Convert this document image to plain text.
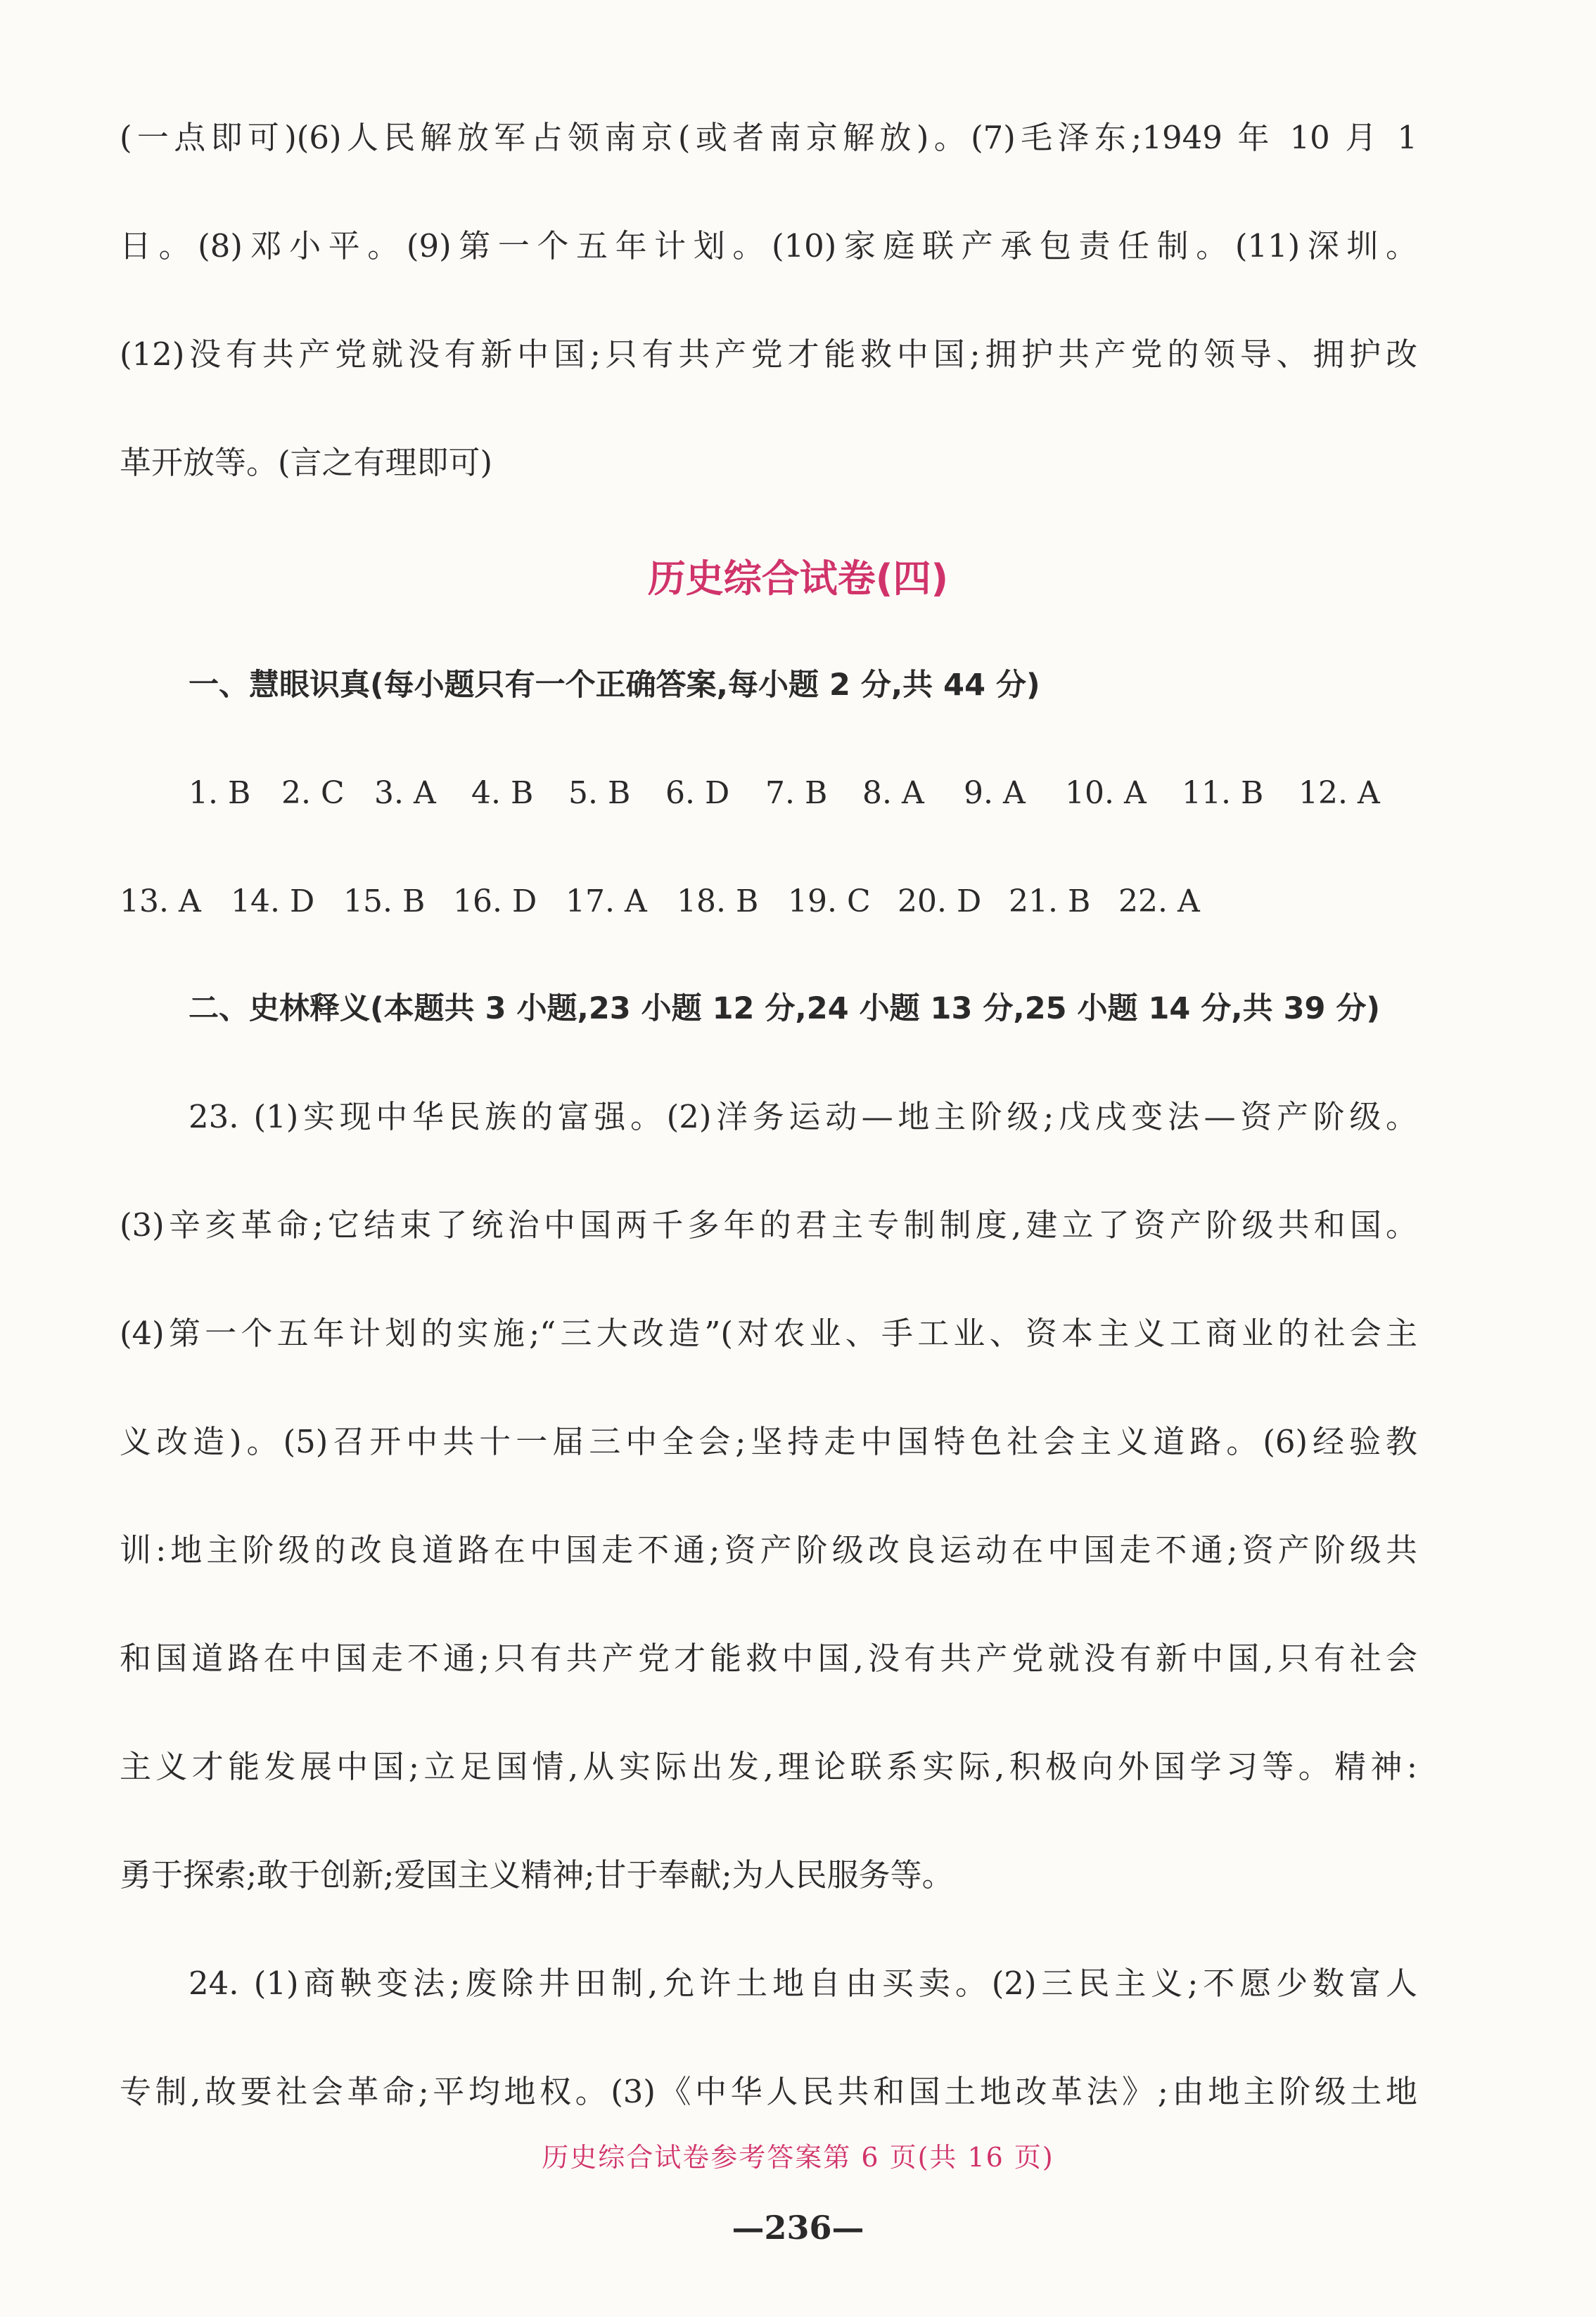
(一点即可)(6)人民解放军占领南京(或者南京解放)。(7)毛泽东;1949 年 10 月 1
日。(8)邓小平。(9)第一个五年计划。(10)家庭联产承包责任制。(11)深圳。
(12)没有共产党就没有新中国;只有共产党才能救中国;拥护共产党的领导、拥护改
革开放等。(言之有理即可)
历史综合试卷(四)
一、慧眼识真(每小题只有一个正确答案,每小题 2 分,共 44 分)
1. B 2. C 3. A 4. B 5. B 6. D 7. B 8. A 9. A 10. A 11. B 12. A
13. A 14. D 15. B 16. D 17. A 18. B 19. C 20. D 21. B 22. A
二、史林释义(本题共 3 小题,23 小题 12 分,24 小题 13 分,25 小题 14 分,共 39 分)
23. (1)实现中华民族的富强。(2)洋务运动—地主阶级;戊戌变法—资产阶级。
(3)辛亥革命;它结束了统治中国两千多年的君主专制制度,建立了资产阶级共和国。
(4)第一个五年计划的实施;“三大改造”(对农业、手工业、资本主义工商业的社会主
义改造)。(5)召开中共十一届三中全会;坚持走中国特色社会主义道路。(6)经验教
训:地主阶级的改良道路在中国走不通;资产阶级改良运动在中国走不通;资产阶级共
和国道路在中国走不通;只有共产党才能救中国,没有共产党就没有新中国,只有社会
主义才能发展中国;立足国情,从实际出发,理论联系实际,积极向外国学习等。精神:
勇于探索;敢于创新;爱国主义精神;甘于奉献;为人民服务等。
24. (1)商鞅变法;废除井田制,允许土地自由买卖。(2)三民主义;不愿少数富人
专制,故要社会革命;平均地权。(3)《中华人民共和国土地改革法》;由地主阶级土地
历史综合试卷参考答案第 6 页(共 16 页)
—236—
